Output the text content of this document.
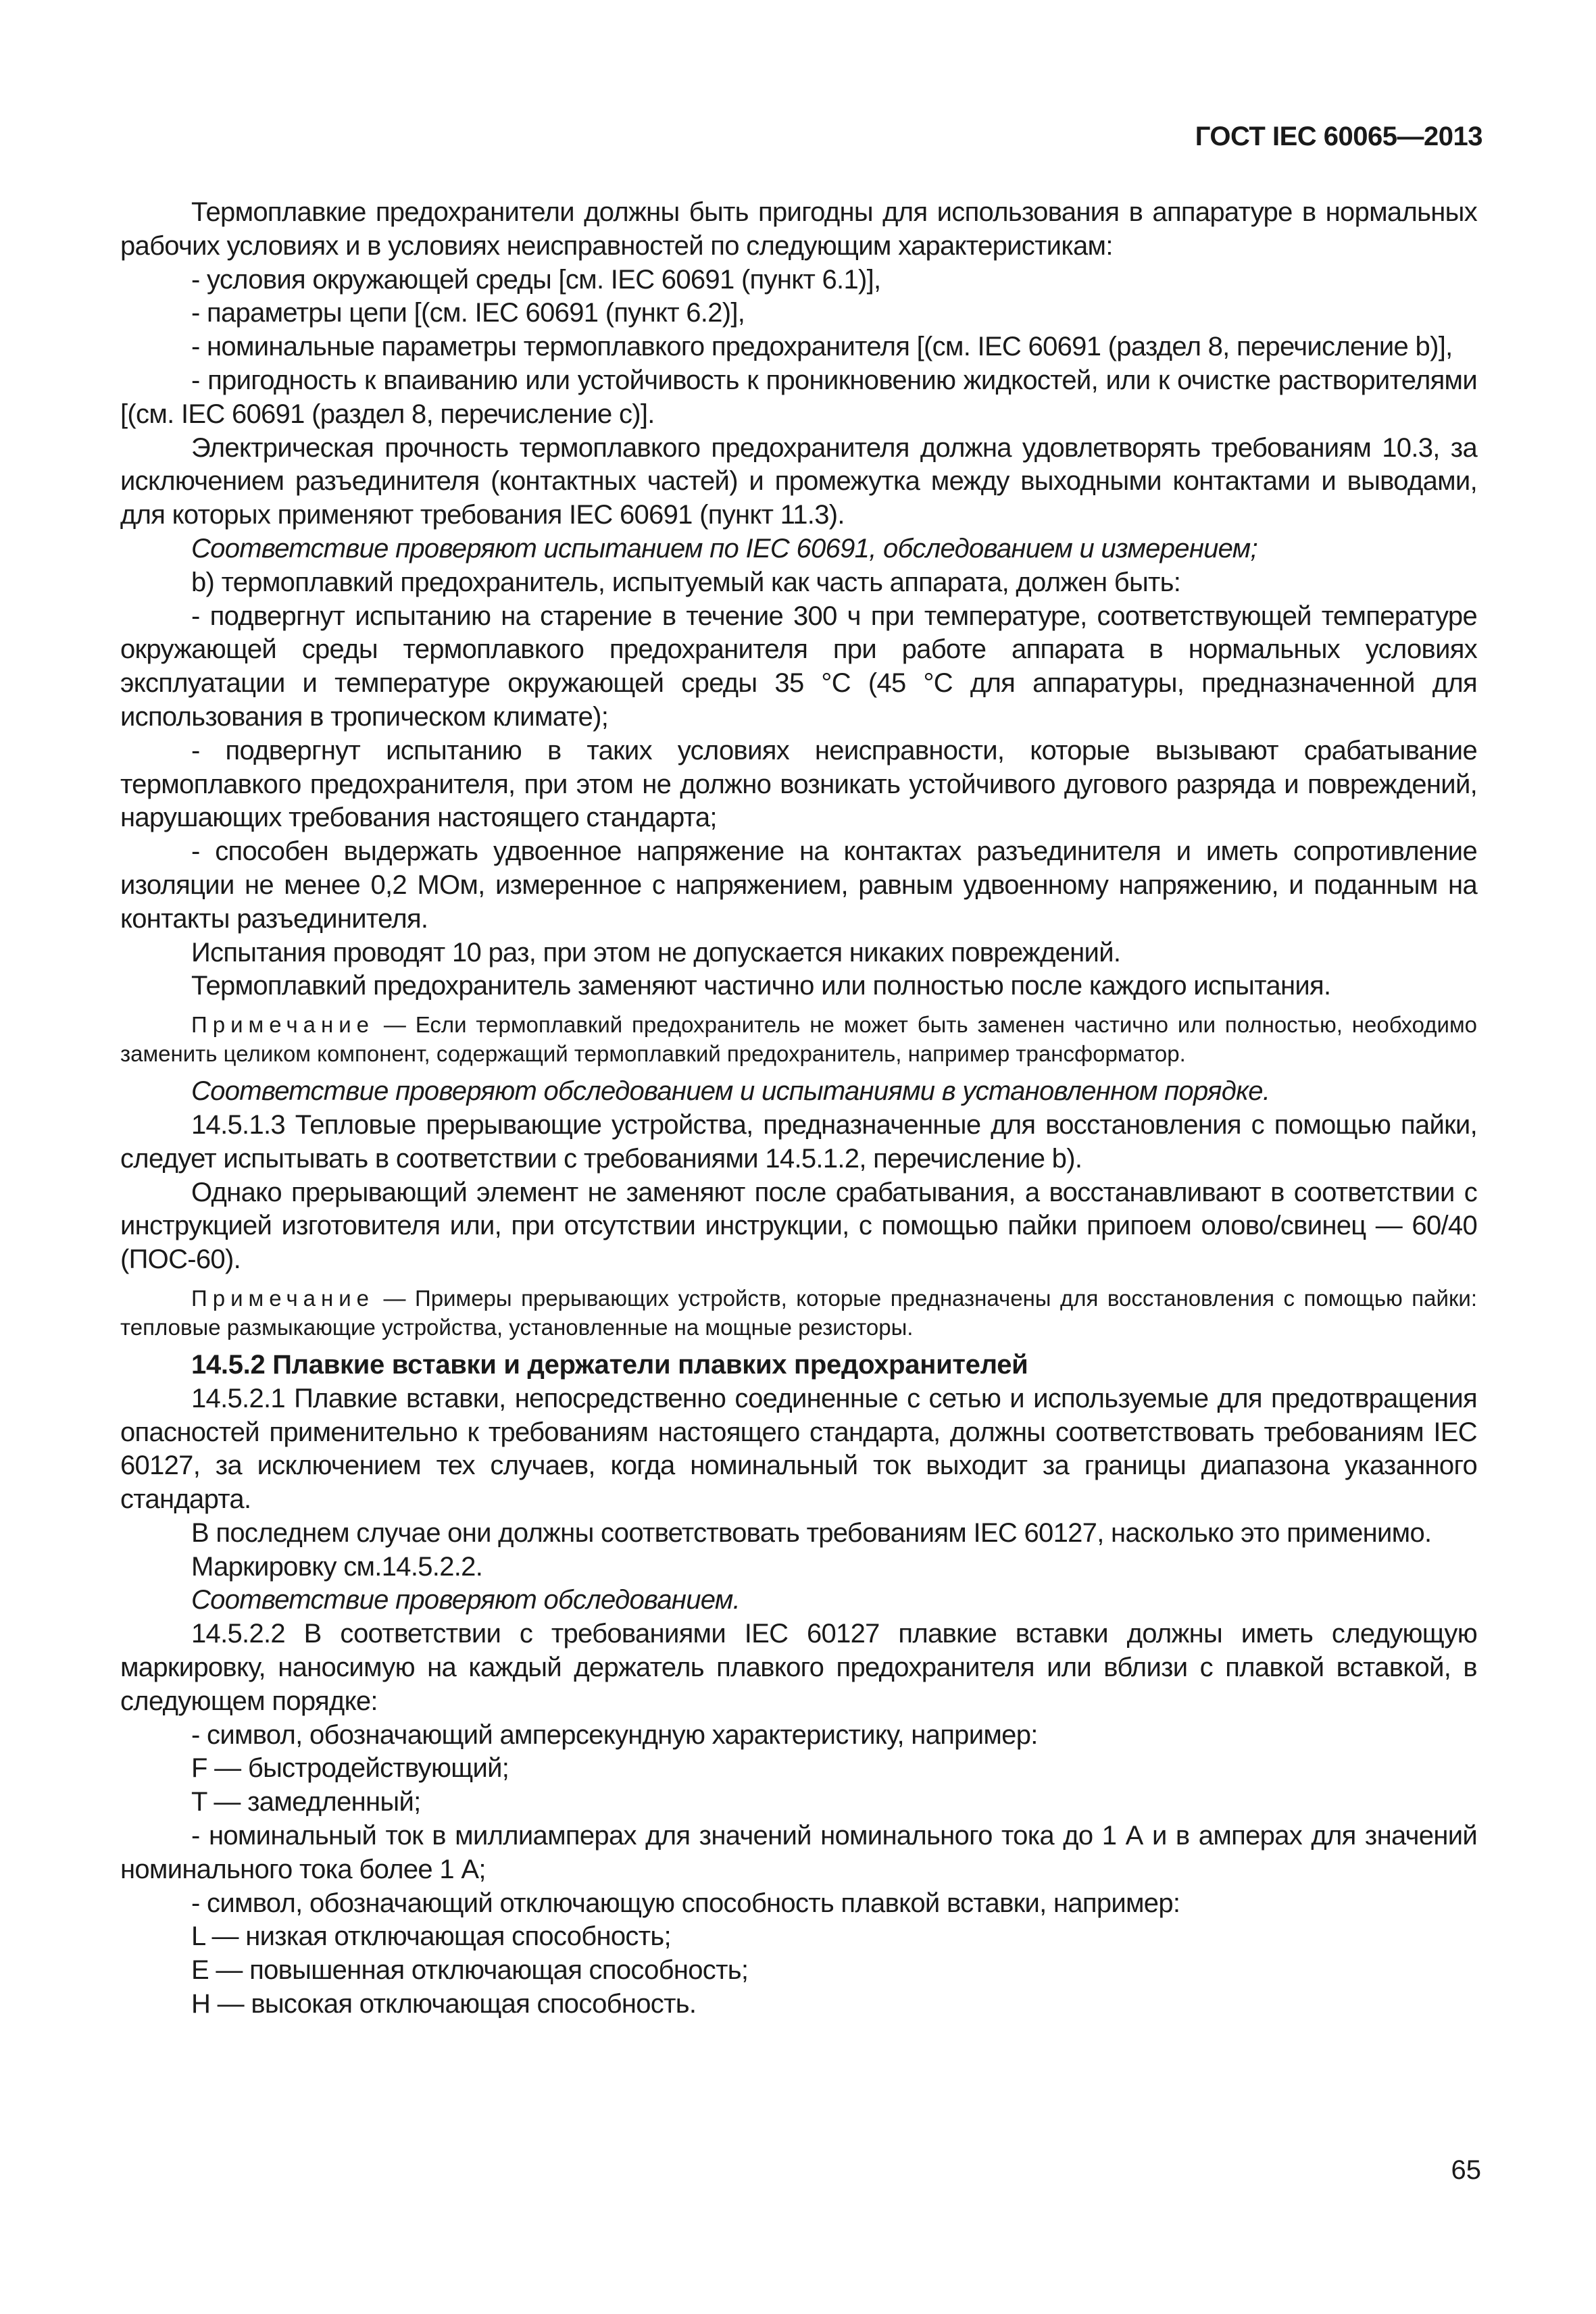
ГОСТ IEC 60065—2013

Термоплавкие предохранители должны быть пригодны для использования в аппаратуре в нормальных рабочих условиях и в условиях неисправностей по следующим характеристикам:

- условия окружающей среды [см. IEC 60691 (пункт 6.1)],

- параметры цепи [(см. IEC 60691 (пункт 6.2)],

- номинальные параметры термоплавкого предохранителя [(см. IEC 60691 (раздел 8, перечисление b)],

- пригодность к впаиванию или устойчивость к проникновению жидкостей, или к очистке растворителями [(см. IEC 60691 (раздел 8, перечисление c)].

Электрическая прочность термоплавкого предохранителя должна удовлетворять требованиям 10.3, за исключением разъединителя (контактных частей) и промежутка между выходными контактами и выводами, для которых применяют требования IEC 60691 (пункт 11.3).

Соответствие проверяют испытанием по IEC 60691, обследованием и измерением;

b) термоплавкий предохранитель, испытуемый как часть аппарата, должен быть:

- подвергнут испытанию на старение в течение 300 ч при температуре, соответствующей температуре окружающей среды термоплавкого предохранителя при работе аппарата в нормальных условиях эксплуатации и температуре окружающей среды 35 °С (45 °С для аппаратуры, предназначенной для использования в тропическом климате);

- подвергнут испытанию в таких условиях неисправности, которые вызывают срабатывание термоплавкого предохранителя, при этом не должно возникать устойчивого дугового разряда и повреждений, нарушающих требования настоящего стандарта;

- способен выдержать удвоенное напряжение на контактах разъединителя и иметь сопротивление изоляции не менее 0,2 МОм, измеренное с напряжением, равным удвоенному напряжению, и поданным на контакты разъединителя.

Испытания проводят 10 раз, при этом не допускается никаких повреждений.

Термоплавкий предохранитель заменяют частично или полностью после каждого испытания.

Примечание — Если термоплавкий предохранитель не может быть заменен частично или полностью, необходимо заменить целиком компонент, содержащий термоплавкий предохранитель, например трансформатор.

Соответствие проверяют обследованием и испытаниями в установленном порядке.

14.5.1.3 Тепловые прерывающие устройства, предназначенные для восстановления с помощью пайки, следует испытывать в соответствии с требованиями 14.5.1.2, перечисление b).

Однако прерывающий элемент не заменяют после срабатывания, а восстанавливают в соответствии с инструкцией изготовителя или, при отсутствии инструкции, с помощью пайки припоем олово/свинец — 60/40 (ПОС-60).

Примечание — Примеры прерывающих устройств, которые предназначены для восстановления с помощью пайки: тепловые размыкающие устройства, установленные на мощные резисторы.

14.5.2 Плавкие вставки и держатели плавких предохранителей

14.5.2.1 Плавкие вставки, непосредственно соединенные с сетью и используемые для предотвращения опасностей применительно к требованиям настоящего стандарта, должны соответствовать требованиям IEC 60127, за исключением тех случаев, когда номинальный ток выходит за границы диапазона указанного стандарта.

В последнем случае они должны соответствовать требованиям IEC 60127, насколько это применимо.

Маркировку см.14.5.2.2.

Соответствие проверяют обследованием.

14.5.2.2 В соответствии с требованиями IEC 60127 плавкие вставки должны иметь следующую маркировку, наносимую на каждый держатель плавкого предохранителя или вблизи с плавкой вставкой, в следующем порядке:

- символ, обозначающий амперсекундную характеристику, например:

F — быстродействующий;

T — замедленный;

- номинальный ток в миллиамперах для значений номинального тока до 1 А и в амперах для значений номинального тока более 1 А;

- символ, обозначающий отключающую способность плавкой вставки, например:

L — низкая отключающая способность;

E — повышенная отключающая способность;

H — высокая отключающая способность.

65
